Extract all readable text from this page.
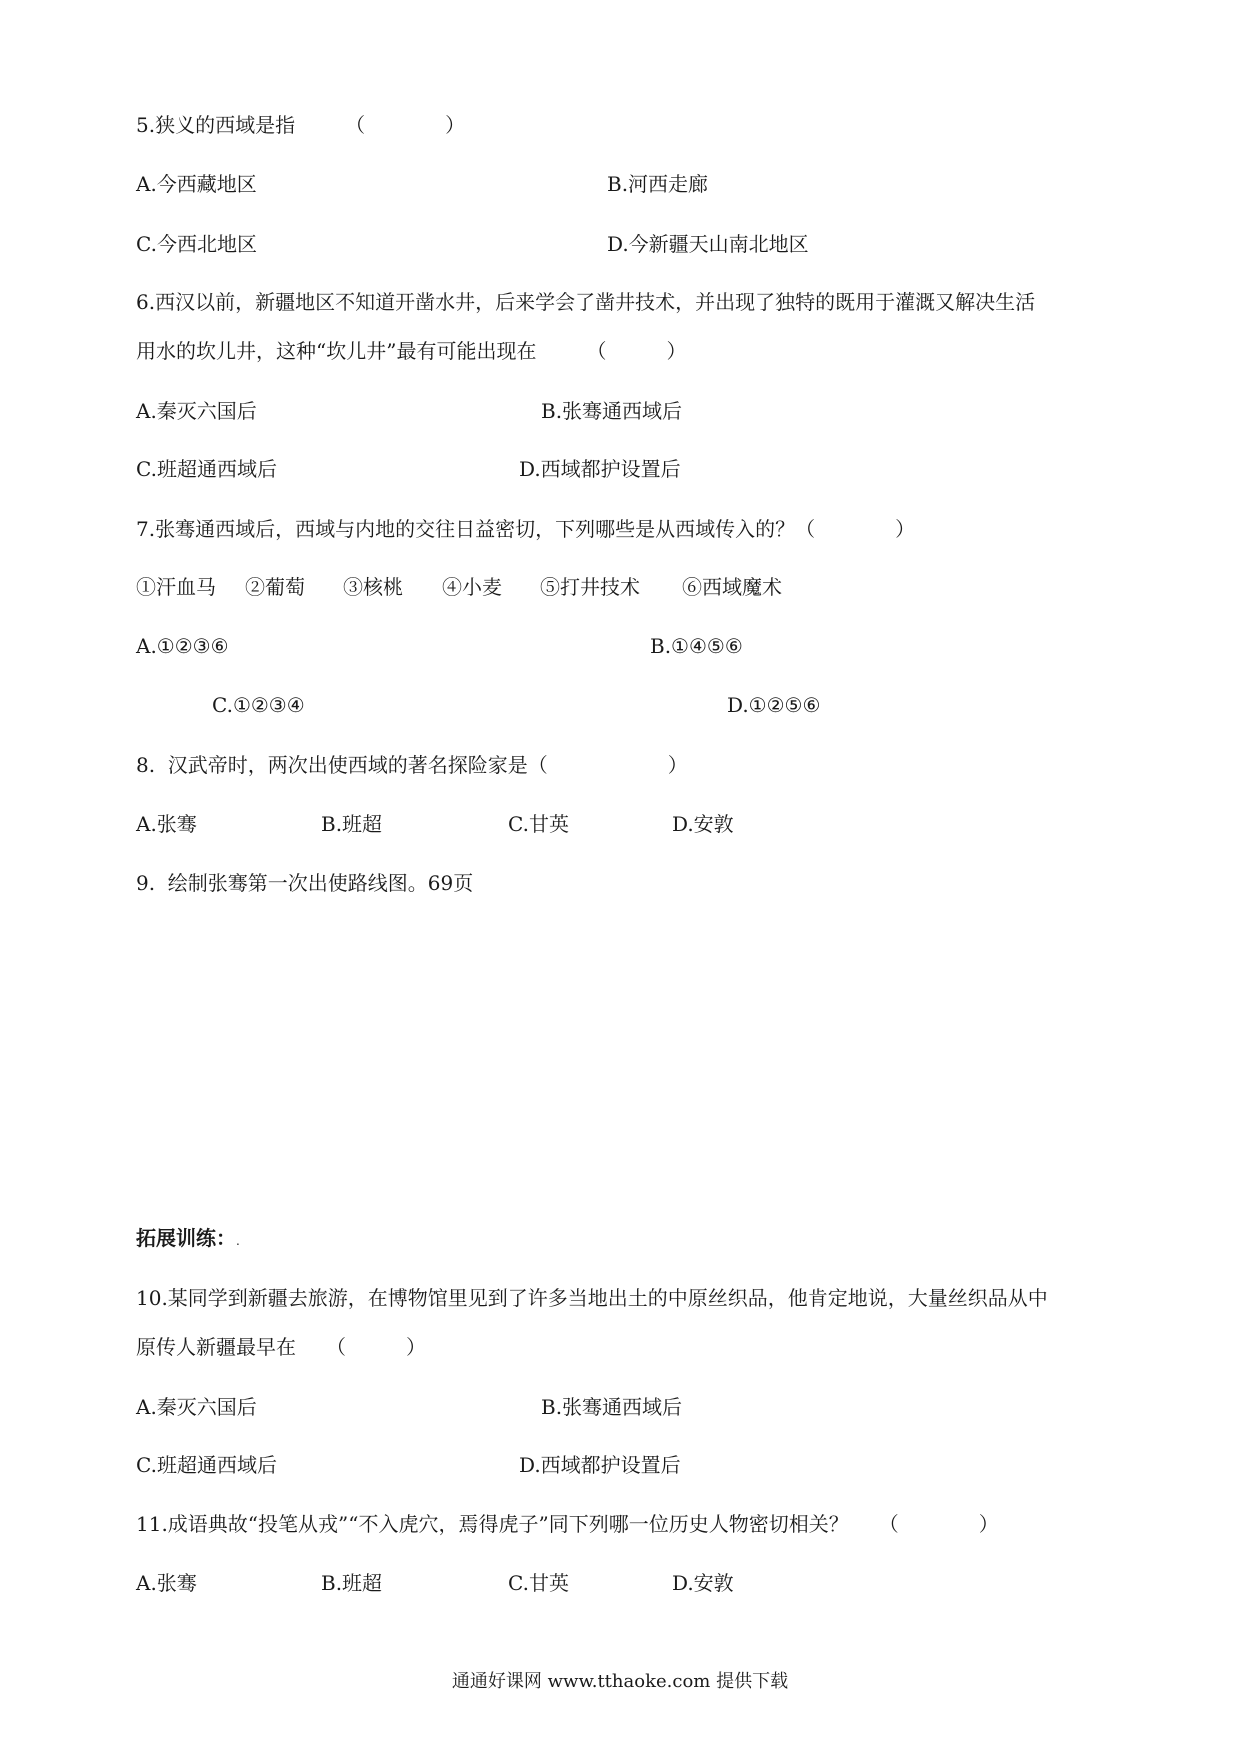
5.狭义的西域是指　　　（　　　　）
A.今西藏地区	B.河西走廊
C.今西北地区	D.今新疆天山南北地区
6.西汉以前，新疆地区不知道开凿水井，后来学会了凿井技术，并出现了独特的既用于灌溉又解决生活
用水的坎儿井，这种“坎儿井”最有可能出现在　　　（　　　）
A.秦灭六国后	B.张骞通西域后
C.班超通西域后	D.西域都护设置后
7.张骞通西域后，西域与内地的交往日益密切，下列哪些是从西域传入的？（　　　　）
①汗血马 ②葡萄 ③核桃 ④小麦 ⑤打井技术 ⑥西域魔术
A.①②③⑥	B.①④⑤⑥
C.①②③④	D.①②⑤⑥
8.  汉武帝时，两次出使西域的著名探险家是（　　　　　　）
A.张骞	B.班超	C.甘英	D.安敦
9.  绘制张骞第一次出使路线图。69页
拓展训练：.
10.某同学到新疆去旅游，在博物馆里见到了许多当地出土的中原丝织品，他肯定地说，大量丝织品从中
原传人新疆最早在　　（　　　）
A.秦灭六国后	B.张骞通西域后
C.班超通西域后	D.西域都护设置后
11.成语典故“投笔从戎”“不入虎穴，焉得虎子”同下列哪一位历史人物密切相关？　　（　　　　）
A.张骞	B.班超	C.甘英	D.安敦
通通好课网 www.tthaoke.com 提供下载
